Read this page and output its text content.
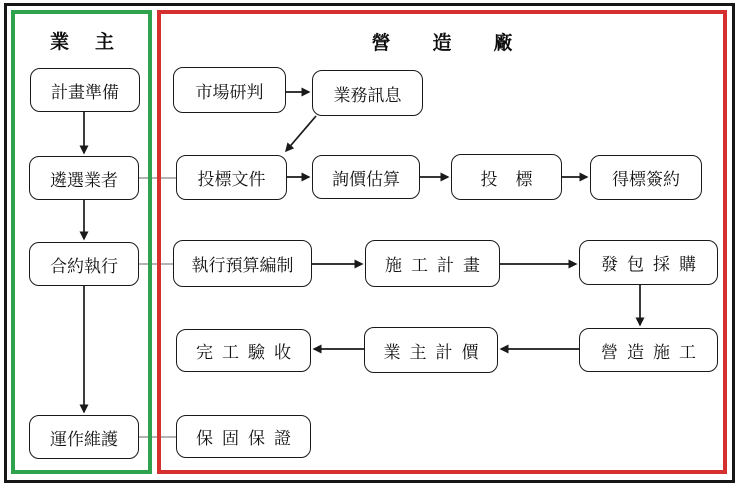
業主	營造廠
計畫準備
遴選業者
合約執行
運作維護
市場研判	業務訊息
投標文件	詢價估算	投標	得標簽約
執行預算編制	施工計畫	發包採購
完工驗收	業主計價	營造施工
保固保證
